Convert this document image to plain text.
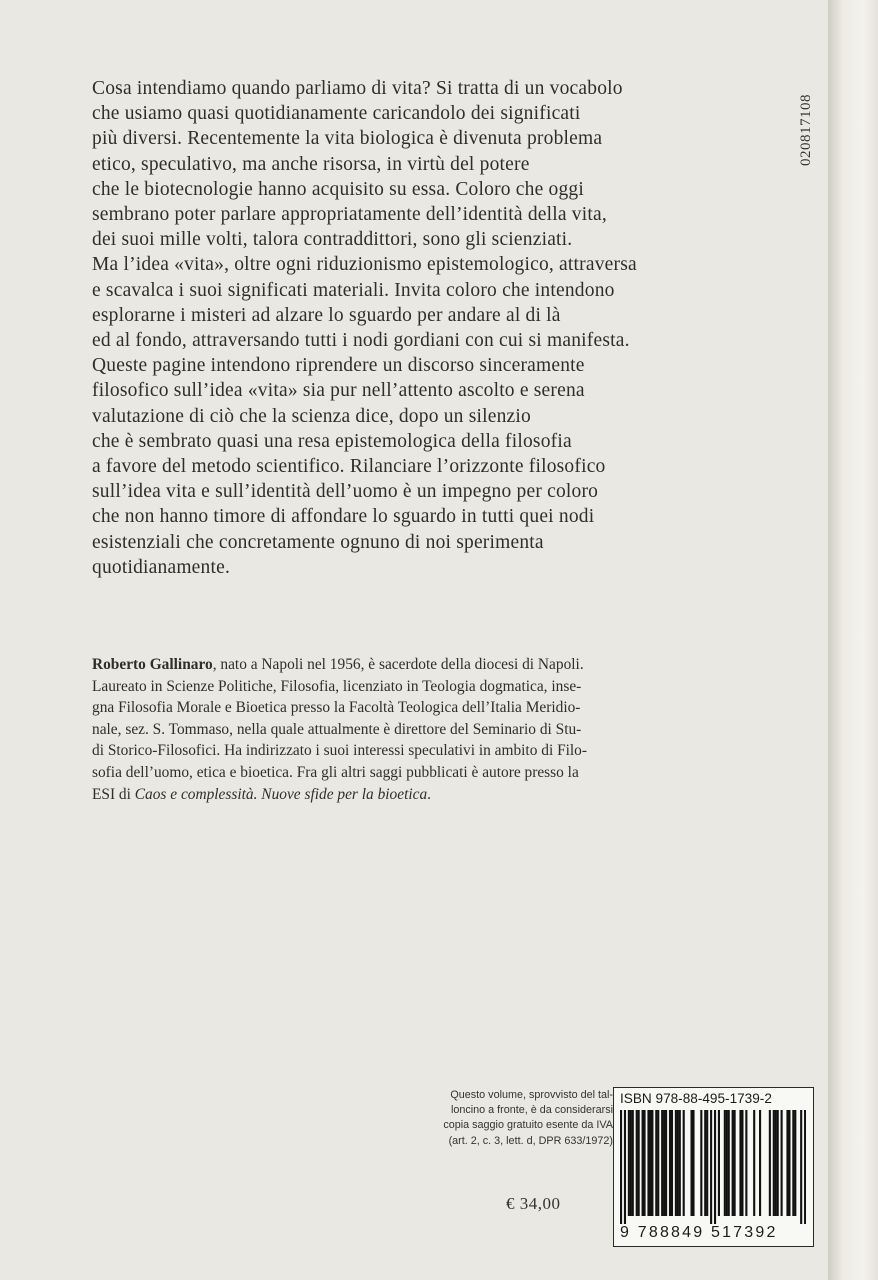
Cosa intendiamo quando parliamo di vita? Si tratta di un vocabolo
che usiamo quasi quotidianamente caricandolo dei significati
più diversi. Recentemente la vita biologica è divenuta problema
etico, speculativo, ma anche risorsa, in virtù del potere
che le biotecnologie hanno acquisito su essa. Coloro che oggi
sembrano poter parlare appropriatamente dell’identità della vita,
dei suoi mille volti, talora contraddittori, sono gli scienziati.
Ma l’idea «vita», oltre ogni riduzionismo epistemologico, attraversa
e scavalca i suoi significati materiali. Invita coloro che intendono
esplorarne i misteri ad alzare lo sguardo per andare al di là
ed al fondo, attraversando tutti i nodi gordiani con cui si manifesta.
Queste pagine intendono riprendere un discorso sinceramente
filosofico sull’idea «vita» sia pur nell’attento ascolto e serena
valutazione di ciò che la scienza dice, dopo un silenzio
che è sembrato quasi una resa epistemologica della filosofia
a favore del metodo scientifico. Rilanciare l’orizzonte filosofico
sull’idea vita e sull’identità dell’uomo è un impegno per coloro
che non hanno timore di affondare lo sguardo in tutti quei nodi
esistenziali che concretamente ognuno di noi sperimenta
quotidianamente.
020817108
Roberto Gallinaro, nato a Napoli nel 1956, è sacerdote della diocesi di Napoli.
Laureato in Scienze Politiche, Filosofia, licenziato in Teologia dogmatica, inse-
gna Filosofia Morale e Bioetica presso la Facoltà Teologica dell’Italia Meridio-
nale, sez. S. Tommaso, nella quale attualmente è direttore del Seminario di Stu-
di Storico-Filosofici. Ha indirizzato i suoi interessi speculativi in ambito di Filo-
sofia dell’uomo, etica e bioetica. Fra gli altri saggi pubblicati è autore presso la
ESI di Caos e complessità. Nuove sfide per la bioetica.
Questo volume, sprovvisto del tal-
loncino a fronte, è da considerarsi
copia saggio gratuito esente da IVA
(art. 2, c. 3, lett. d, DPR 633/1972)
€ 34,00
ISBN 978-88-495-1739-2
9 788849 517392
